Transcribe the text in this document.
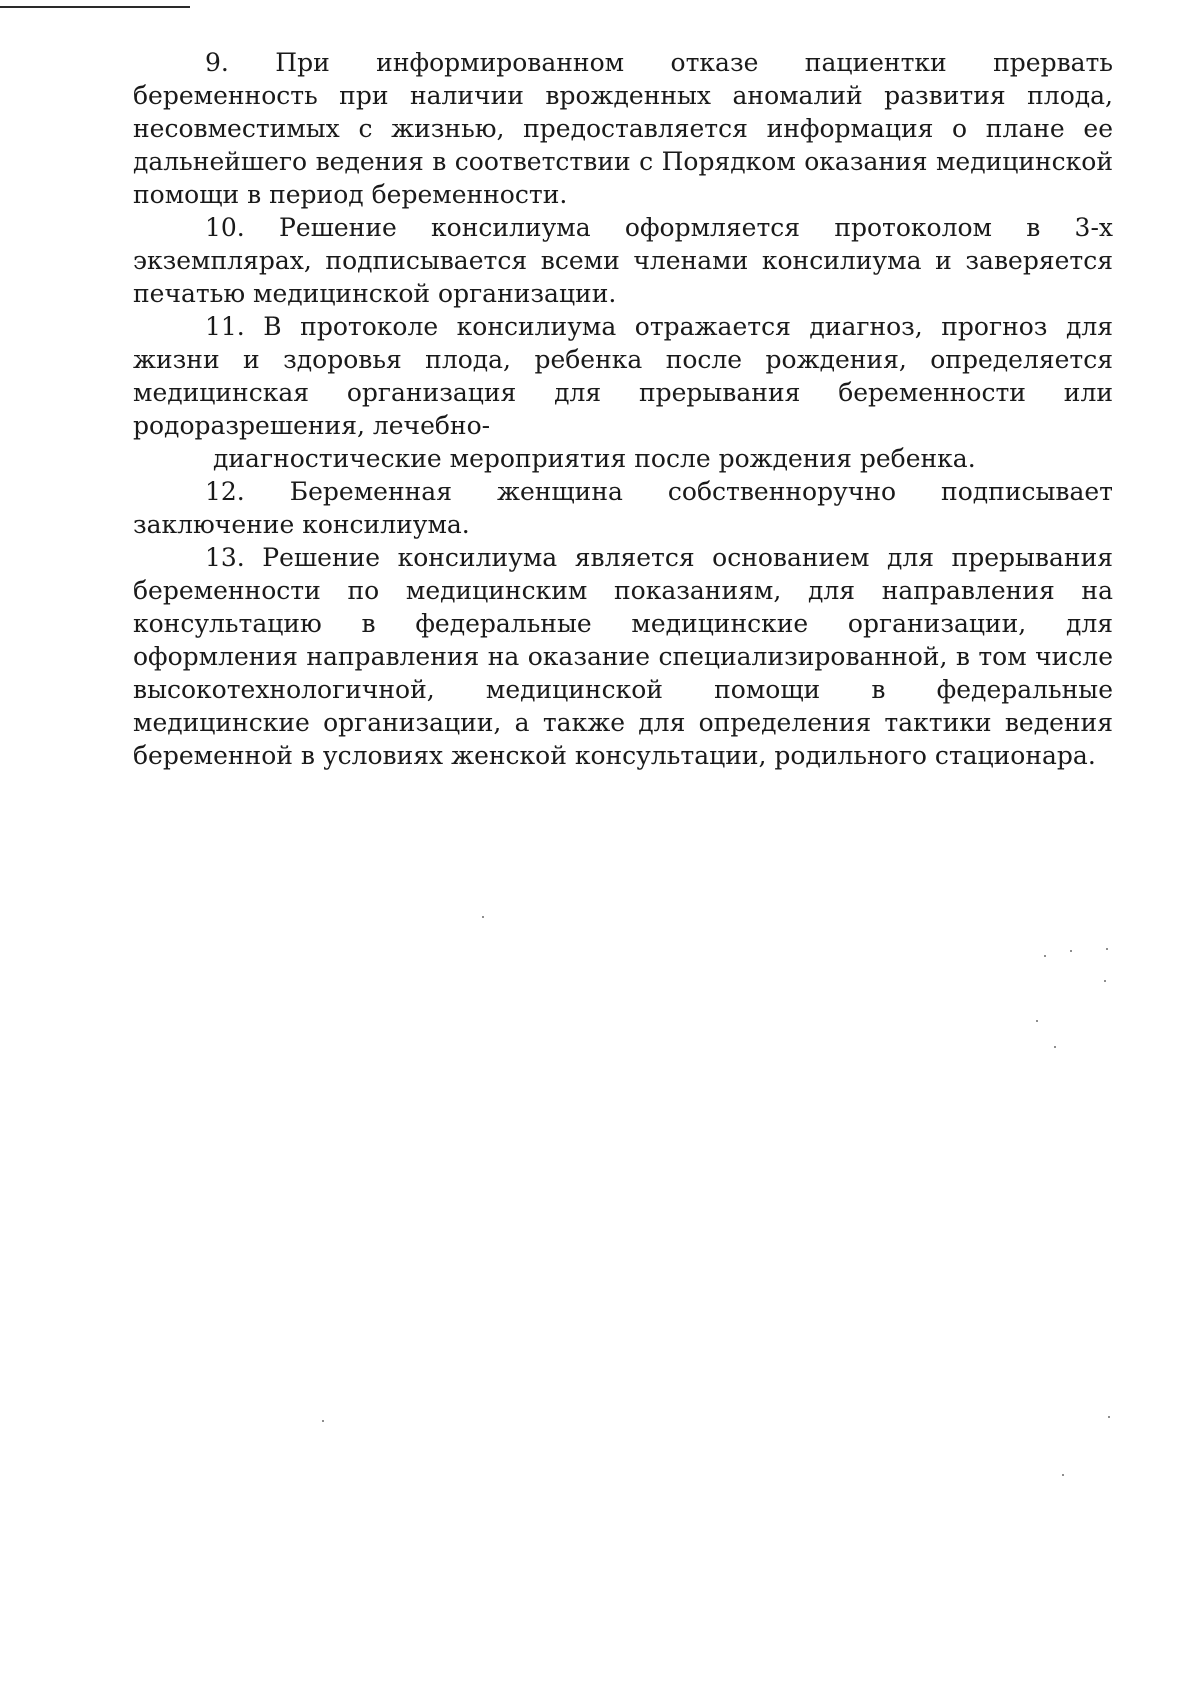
9. При информированном отказе пациентки прервать беременность при наличии врожденных аномалий развития плода, несовместимых с жизнью, предоставляется информация о плане ее дальнейшего ведения в соответствии с Порядком оказания медицинской помощи в период беременности.

10. Решение консилиума оформляется протоколом в 3-х экземплярах, подписывается всеми членами консилиума и заверяется печатью медицинской организации.

11. В протоколе консилиума отражается диагноз, прогноз для жизни и здоровья плода, ребенка после рождения, определяется медицинская организация для прерывания беременности или родоразрешения, лечебно-

диагностические мероприятия после рождения ребенка.

12. Беременная женщина собственноручно подписывает заключение консилиума.

13. Решение консилиума является основанием для прерывания беременности по медицинским показаниям, для направления на консультацию в федеральные медицинские организации, для оформления направления на оказание специализированной, в том числе высокотехнологичной, медицинской помощи в федеральные медицинские организации, а также для определения тактики ведения беременной в условиях женской консультации, родильного стационара.
